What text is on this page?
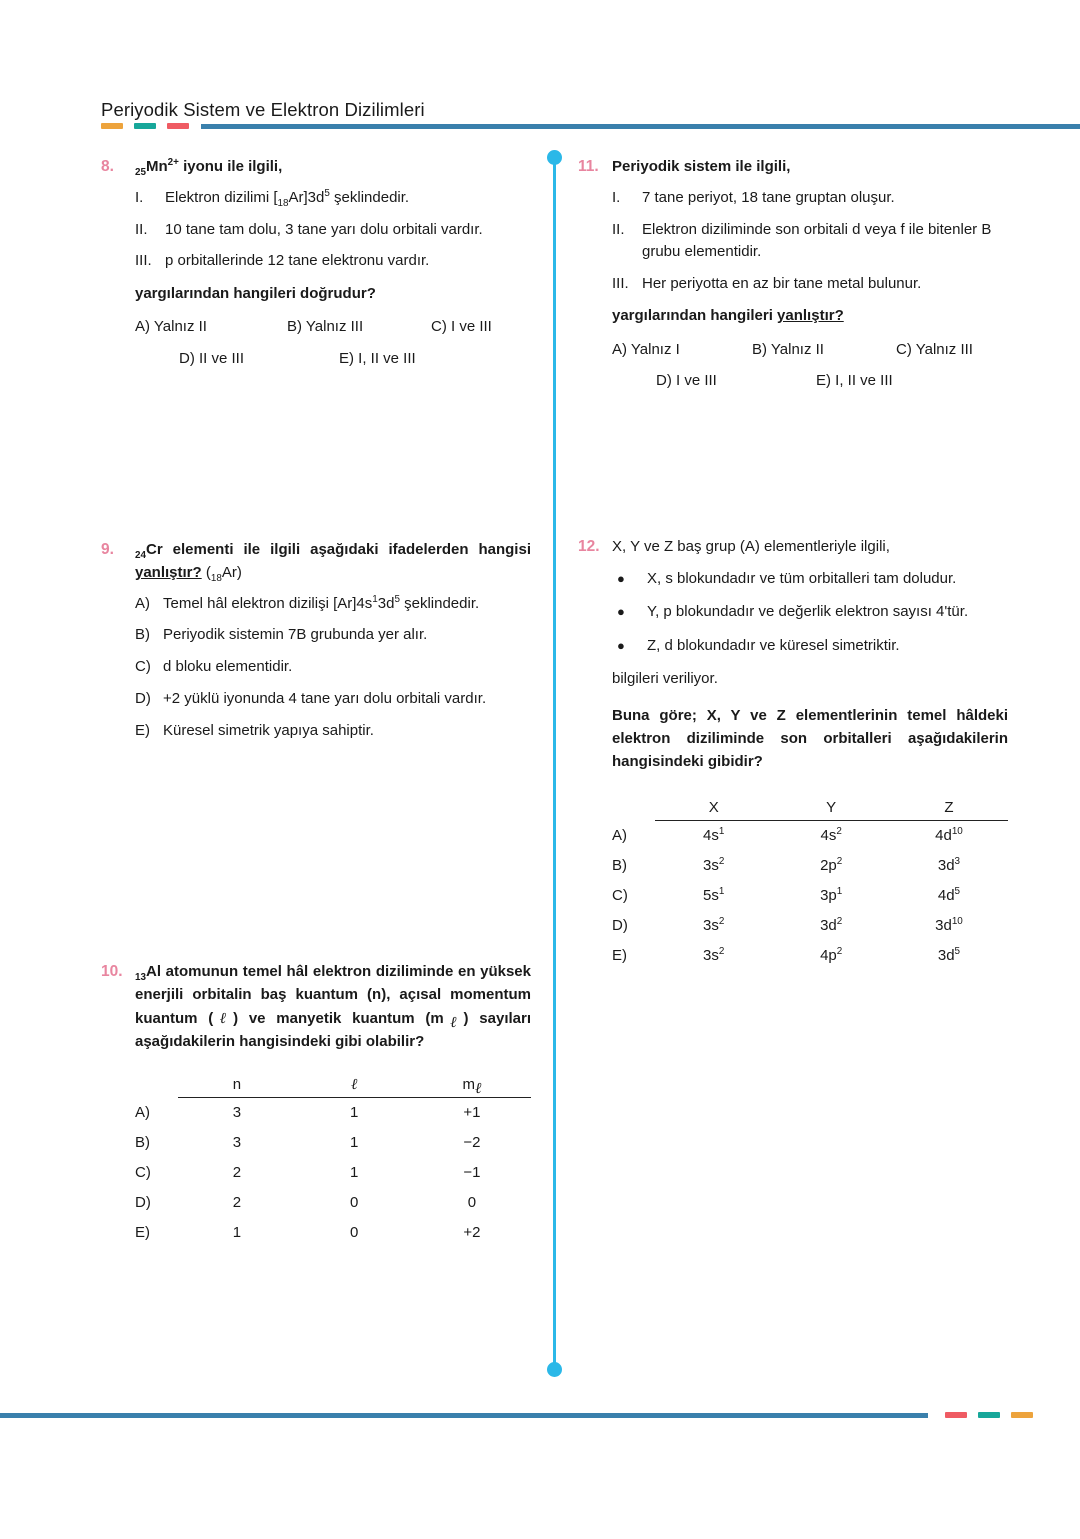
Periyodik Sistem ve Elektron Dizilimleri
8.	$_{25}Mn^{2+}$ iyonu ile ilgili,
I.	Elektron dizilimi $[_{18}Ar]3d^5$ şeklindedir.
II.	10 tane tam dolu, 3 tane yarı dolu orbitali vardır.
III. p orbitallerinde 12 tane elektronu vardır.
yargılarından hangileri doğrudur?
A) Yalnız II	B) Yalnız III	C) I ve III
D) II ve III	E) I, II ve III
9.	$_{24}$Cr elementi ile ilgili aşağıdaki ifadelerden hangisi yanlıştır? $(_{18}Ar)$
A) Temel hâl elektron dizilişi $[Ar]4s^13d^5$ şeklindedir.
B) Periyodik sistemin 7B grubunda yer alır.
C) d bloku elementidir.
D) +2 yüklü iyonunda 4 tane yarı dolu orbitali vardır.
E) Küresel simetrik yapıya sahiptir.
10.	$_{13}$Al atomunun temel hâl elektron diziliminde en yüksek enerjili orbitalin baş kuantum (n), açısal momentum kuantum (ℓ) ve manyetik kuantum $(m_\ell)$ sayıları aşağıdakilerin hangisindeki gibi olabilir?
	n	ℓ	$m_\ell$
A)	3	1	+1
B)	3	1	−2
C)	2	1	−1
D)	2	0	0
E)	1	0	+2
11. Periyodik sistem ile ilgili,
I.	7 tane periyot, 18 tane gruptan oluşur.
II.	Elektron diziliminde son orbitali d veya f ile bitenler B grubu elementidir.
III. Her periyotta en az bir tane metal bulunur.
yargılarından hangileri yanlıştır?
A) Yalnız I	B) Yalnız II	C) Yalnız III
D) I ve III	E) I, II ve III
12. X, Y ve Z baş grup (A) elementleriyle ilgili,
●	X, s blokundadır ve tüm orbitalleri tam doludur.
●	Y, p blokundadır ve değerlik elektron sayısı 4'tür.
●	Z, d blokundadır ve küresel simetriktir.
bilgileri veriliyor.
Buna göre; X, Y ve Z elementlerinin temel hâldeki elektron diziliminde son orbitalleri aşağıdakilerin hangisindeki gibidir?
	X	Y	Z
A)	$4s^1$	$4s^2$	$4d^{10}$
B)	$3s^2$	$2p^2$	$3d^3$
C)	$5s^1$	$3p^1$	$4d^5$
D)	$3s^2$	$3d^2$	$3d^{10}$
E)	$3s^2$	$4p^2$	$3d^5$
